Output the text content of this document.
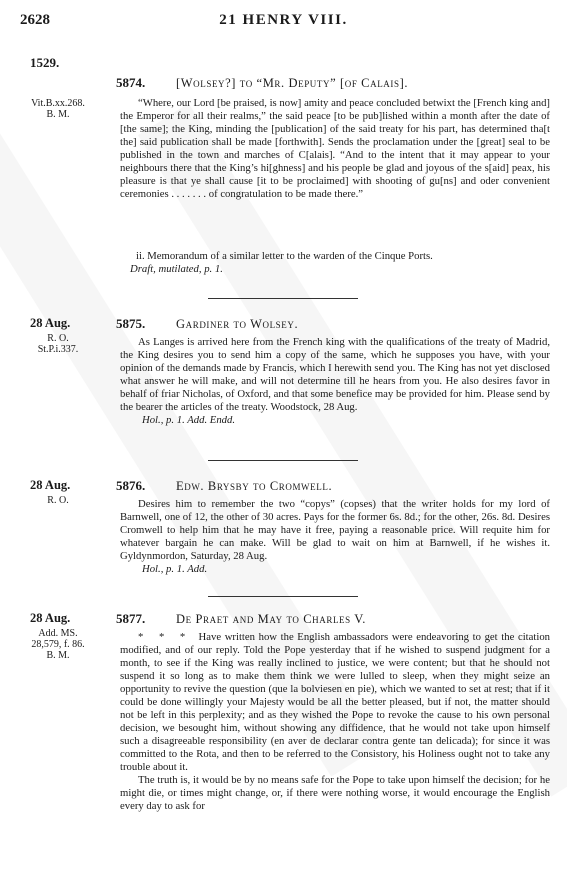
2628	21 HENRY VIII.
1529.
Vit.B.xx.268.
B. M.
5874. [Wolsey?] to “Mr. Deputy” [of Calais].

“Where, our Lord [be praised, is now] amity and peace concluded betwixt the [French king and] the Emperor for all their realms,” the said peace [to be pub]lished within a month after the date of [the same]; the King, minding the [publication] of the said treaty for his part, has determined tha[t the] said publication shall be made [forthwith]. Sends the proclamation under the [great] seal to be published in the town and marches of C[alais]. “And to the intent that it may appear to your neighbours there that the King’s hi[ghness] and his people be glad and joyous of the s[aid] peax, his pleasure is that ye shall cause [it to be proclaimed] with shooting of gu[ns] and oder convenient ceremonies . . . . . . . of congratulation to be made there.”

ii. Memorandum of a similar letter to the warden of the Cinque Ports.

Draft, mutilated, p. 1.

28 Aug.
R. O.
St.P.i.337.
5875. Gardiner to Wolsey.

As Langes is arrived here from the French king with the qualifications of the treaty of Madrid, the King desires you to send him a copy of the same, which he supposes you have, with your opinion of the demands made by Francis, which I herewith send you. The King has not yet disclosed what answer he will make, and will not determine till he hears from you. He also desires favor in behalf of friar Nicholas, of Oxford, and that some benefice may be provided for him. Please send by the bearer the articles of the treaty. Woodstock, 28 Aug.

Hol., p. 1. Add. Endd.

28 Aug.
R. O.
5876. Edw. Brysby to Cromwell.

Desires him to remember the two “copys” (copses) that the writer holds for my lord of Barnwell, one of 12, the other of 30 acres. Pays for the former 6s. 8d.; for the other, 26s. 8d. Desires Cromwell to help him that he may have it free, paying a reasonable price. Will requite him for whatever bargain he can make. Will be glad to wait on him at Barnwell, if he wishes it. Gyldynmordon, Saturday, 28 Aug.

Hol., p. 1. Add.

28 Aug.
Add. MS.
28,579, f. 86.
B. M.
5877. De Praet and May to Charles V.

* * * Have written how the English ambassadors were endeavoring to get the citation modified, and of our reply. Told the Pope yesterday that if he wished to suspend judgment for a month, to see if the King was really inclined to justice, we were content; but that he should not suspend it so long as to make them think we were lulled to sleep, when they might seize an opportunity to revive the question (que la bolviesen en pie), which we wanted to set at rest; that if it could be done willingly your Majesty would be all the better pleased, but if not, the matter should not be left in this perplexity; and as they wished the Pope to revoke the cause to his own personal decision, we besought him, without showing any diffidence, that he would not take upon himself such a disagreeable responsibility (en aver de declarar contra gente tan delicada); for since it was committed to the Rota, and then to be referred to the Consistory, his Holiness ought not to take any trouble about it.

The truth is, it would be by no means safe for the Pope to take upon himself the decision; for he might die, or times might change, or, if there were nothing worse, it would encourage the English every day to ask for
